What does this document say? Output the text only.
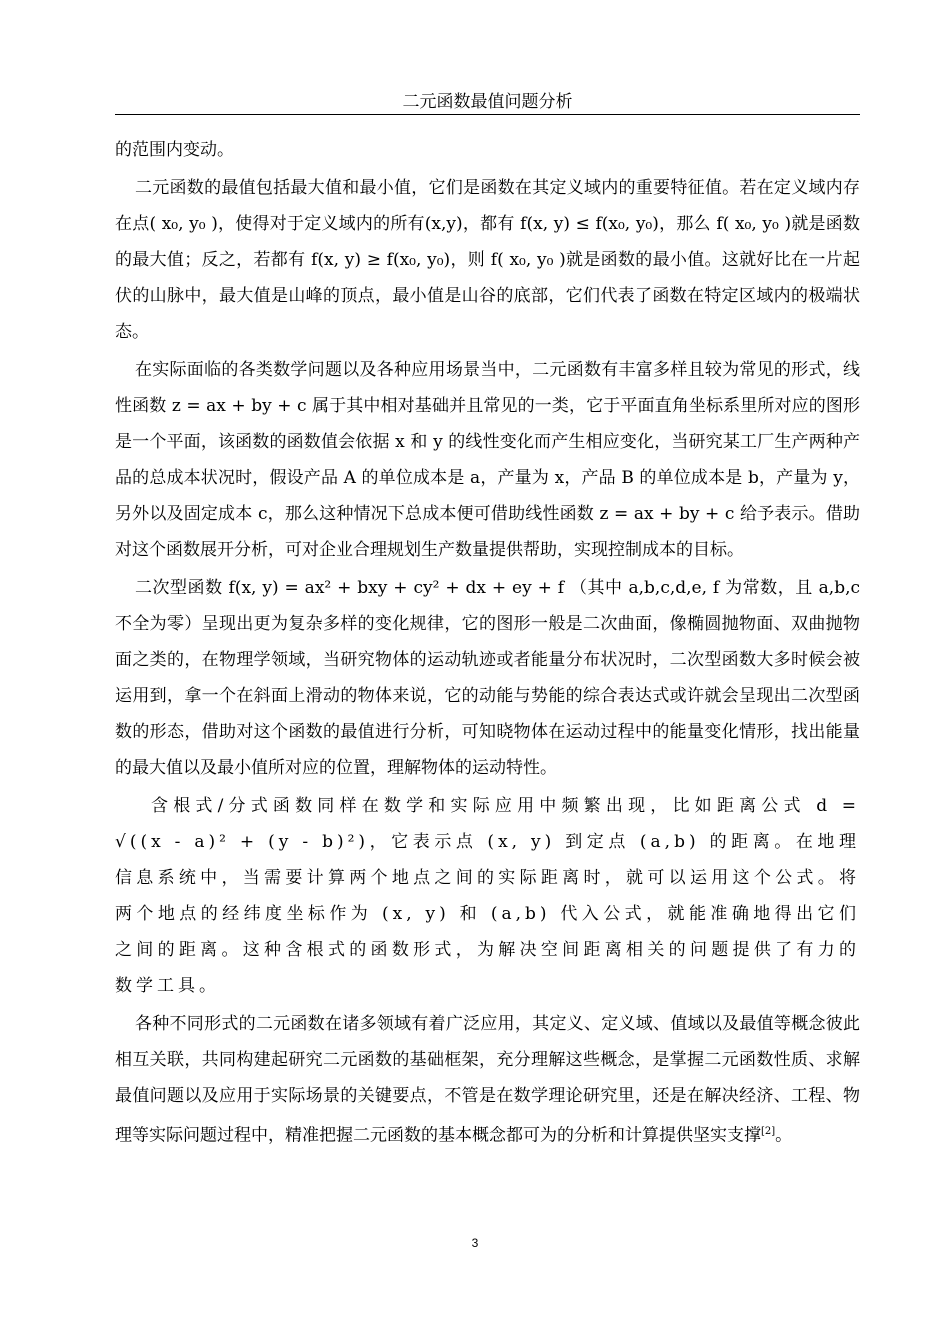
二元函数最值问题分析

的范围内变动。

二元函数的最值包括最大值和最小值，它们是函数在其定义域内的重要特征值。若在定义域内存在点( x₀, y₀ )，使得对于定义域内的所有(x,y)，都有 f(x, y) ≤ f(x₀, y₀)，那么 f( x₀, y₀ )就是函数的最大值；反之，若都有 f(x, y) ≥ f(x₀, y₀)，则 f( x₀, y₀ )就是函数的最小值。这就好比在一片起伏的山脉中，最大值是山峰的顶点，最小值是山谷的底部，它们代表了函数在特定区域内的极端状态。

在实际面临的各类数学问题以及各种应用场景当中，二元函数有丰富多样且较为常见的形式，线性函数 z = ax + by + c 属于其中相对基础并且常见的一类，它于平面直角坐标系里所对应的图形是一个平面，该函数的函数值会依据 x 和 y 的线性变化而产生相应变化，当研究某工厂生产两种产品的总成本状况时，假设产品 A 的单位成本是 a，产量为 x，产品 B 的单位成本是 b，产量为 y，另外以及固定成本 c，那么这种情况下总成本便可借助线性函数 z = ax + by + c 给予表示。借助对这个函数展开分析，可对企业合理规划生产数量提供帮助，实现控制成本的目标。

二次型函数 f(x, y) = ax² + bxy + cy² + dx + ey + f （其中 a,b,c,d,e, f 为常数，且 a,b,c 不全为零）呈现出更为复杂多样的变化规律，它的图形一般是二次曲面，像椭圆抛物面、双曲抛物面之类的，在物理学领域，当研究物体的运动轨迹或者能量分布状况时，二次型函数大多时候会被运用到，拿一个在斜面上滑动的物体来说，它的动能与势能的综合表达式或许就会呈现出二次型函数的形态，借助对这个函数的最值进行分析，可知晓物体在运动过程中的能量变化情形，找出能量的最大值以及最小值所对应的位置，理解物体的运动特性。

含根式/分式函数同样在数学和实际应用中频繁出现，比如距离公式 d = √((x - a)² + (y - b)²)，它表示点 (x, y) 到定点 (a,b) 的距离。在地理信息系统中，当需要计算两个地点之间的实际距离时，就可以运用这个公式。将两个地点的经纬度坐标作为 (x, y) 和 (a,b) 代入公式，就能准确地得出它们之间的距离。这种含根式的函数形式，为解决空间距离相关的问题提供了有力的数学工具。

各种不同形式的二元函数在诸多领域有着广泛应用，其定义、定义域、值域以及最值等概念彼此相互关联，共同构建起研究二元函数的基础框架，充分理解这些概念，是掌握二元函数性质、求解最值问题以及应用于实际场景的关键要点，不管是在数学理论研究里，还是在解决经济、工程、物理等实际问题过程中，精准把握二元函数的基本概念都可为的分析和计算提供坚实支撑[2]。

3
